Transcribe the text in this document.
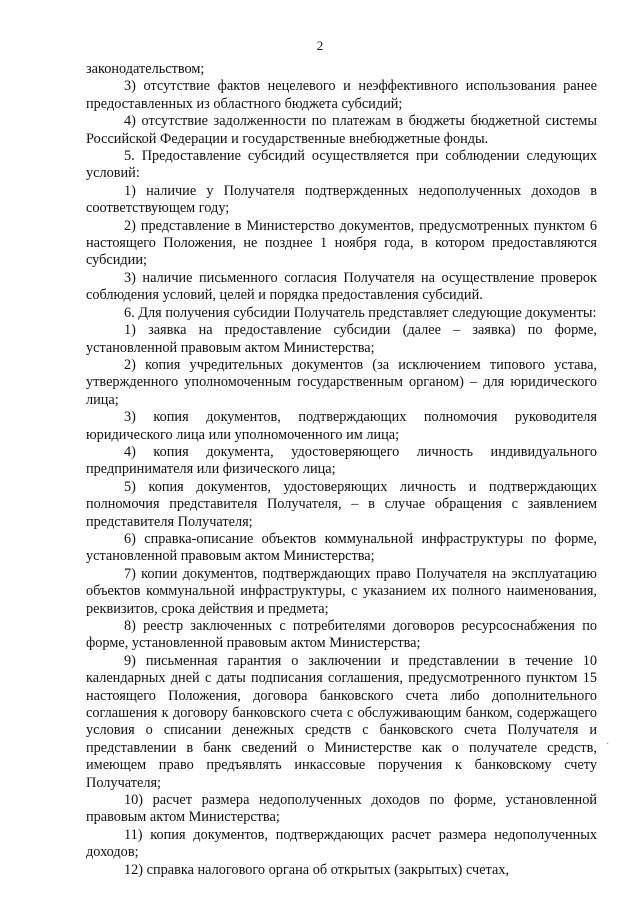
2

законодательством;

3) отсутствие фактов нецелевого и неэффективного использования ранее предоставленных из областного бюджета субсидий;

4) отсутствие задолженности по платежам в бюджеты бюджетной системы Российской Федерации и государственные внебюджетные фонды.

5. Предоставление субсидий осуществляется при соблюдении следующих условий:

1) наличие у Получателя подтвержденных недополученных доходов в соответствующем году;

2) представление в Министерство документов, предусмотренных пунктом 6 настоящего Положения, не позднее 1 ноября года, в котором предоставляются субсидии;

3) наличие письменного согласия Получателя на осуществление проверок соблюдения условий, целей и порядка предоставления субсидий.

6. Для получения субсидии Получатель представляет следующие документы:

1) заявка на предоставление субсидии (далее – заявка) по форме, установленной правовым актом Министерства;

2) копия учредительных документов (за исключением типового устава, утвержденного уполномоченным государственным органом) – для юридического лица;

3) копия документов, подтверждающих полномочия руководителя юридического лица или уполномоченного им лица;

4) копия документа, удостоверяющего личность индивидуального предпринимателя или физического лица;

5) копия документов, удостоверяющих личность и подтверждающих полномочия представителя Получателя, – в случае обращения с заявлением представителя Получателя;

6) справка-описание объектов коммунальной инфраструктуры по форме, установленной правовым актом Министерства;

7) копии документов, подтверждающих право Получателя на эксплуатацию объектов коммунальной инфраструктуры, с указанием их полного наименования, реквизитов, срока действия и предмета;

8) реестр заключенных с потребителями договоров ресурсоснабжения по форме, установленной правовым актом Министерства;

9) письменная гарантия о заключении и представлении в течение 10 календарных дней с даты подписания соглашения, предусмотренного пунктом 15 настоящего Положения, договора банковского счета либо дополнительного соглашения к договору банковского счета с обслуживающим банком, содержащего условия о списании денежных средств с банковского счета Получателя и представлении в банк сведений о Министерстве как о получателе средств, имеющем право предъявлять инкассовые поручения к банковскому счету Получателя;

10) расчет размера недополученных доходов по форме, установленной правовым актом Министерства;

11) копия документов, подтверждающих расчет размера недополученных доходов;

12) справка налогового органа об открытых (закрытых) счетах,

·
